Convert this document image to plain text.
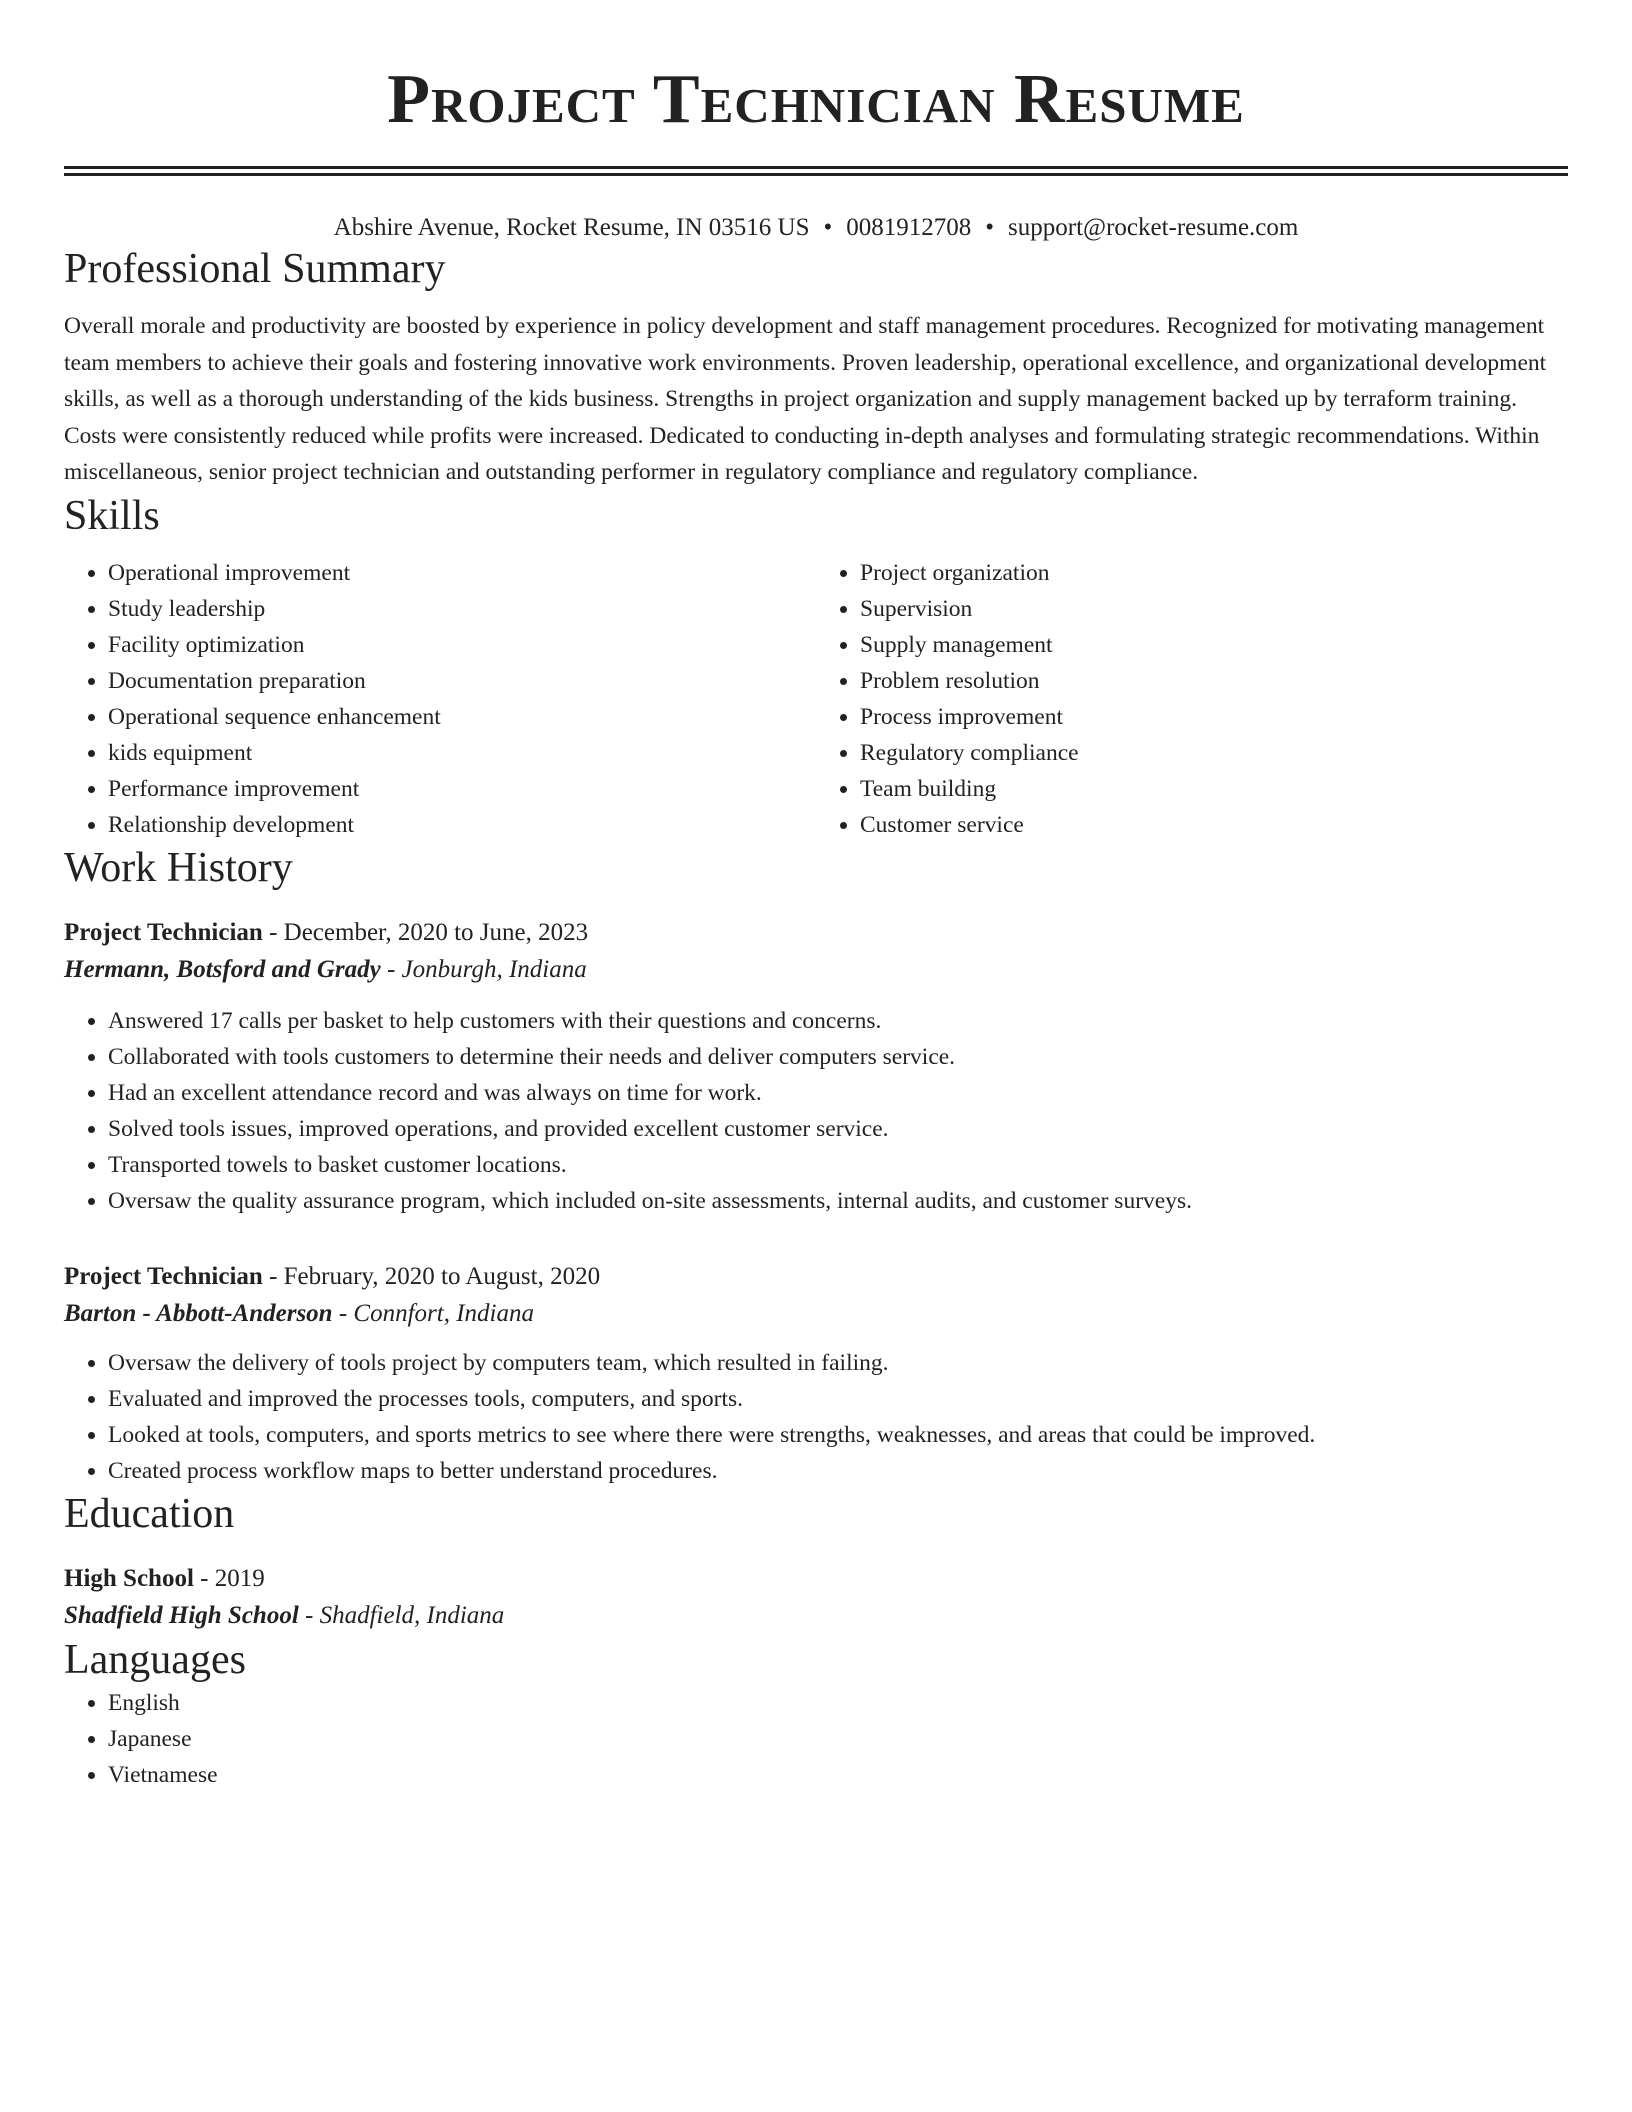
Project Technician Resume
Abshire Avenue, Rocket Resume, IN 03516 US • 0081912708 • support@rocket-resume.com
Professional Summary
Overall morale and productivity are boosted by experience in policy development and staff management procedures. Recognized for motivating management team members to achieve their goals and fostering innovative work environments. Proven leadership, operational excellence, and organizational development skills, as well as a thorough understanding of the kids business. Strengths in project organization and supply management backed up by terraform training. Costs were consistently reduced while profits were increased. Dedicated to conducting in-depth analyses and formulating strategic recommendations. Within miscellaneous, senior project technician and outstanding performer in regulatory compliance and regulatory compliance.
Skills
• Operational improvement
• Study leadership
• Facility optimization
• Documentation preparation
• Operational sequence enhancement
• kids equipment
• Performance improvement
• Relationship development
• Project organization
• Supervision
• Supply management
• Problem resolution
• Process improvement
• Regulatory compliance
• Team building
• Customer service
Work History
Project Technician - December, 2020 to June, 2023
Hermann, Botsford and Grady - Jonburgh, Indiana
• Answered 17 calls per basket to help customers with their questions and concerns.
• Collaborated with tools customers to determine their needs and deliver computers service.
• Had an excellent attendance record and was always on time for work.
• Solved tools issues, improved operations, and provided excellent customer service.
• Transported towels to basket customer locations.
• Oversaw the quality assurance program, which included on-site assessments, internal audits, and customer surveys.
Project Technician - February, 2020 to August, 2020
Barton - Abbott-Anderson - Connfort, Indiana
• Oversaw the delivery of tools project by computers team, which resulted in failing.
• Evaluated and improved the processes tools, computers, and sports.
• Looked at tools, computers, and sports metrics to see where there were strengths, weaknesses, and areas that could be improved.
• Created process workflow maps to better understand procedures.
Education
High School - 2019
Shadfield High School - Shadfield, Indiana
Languages
• English
• Japanese
• Vietnamese
